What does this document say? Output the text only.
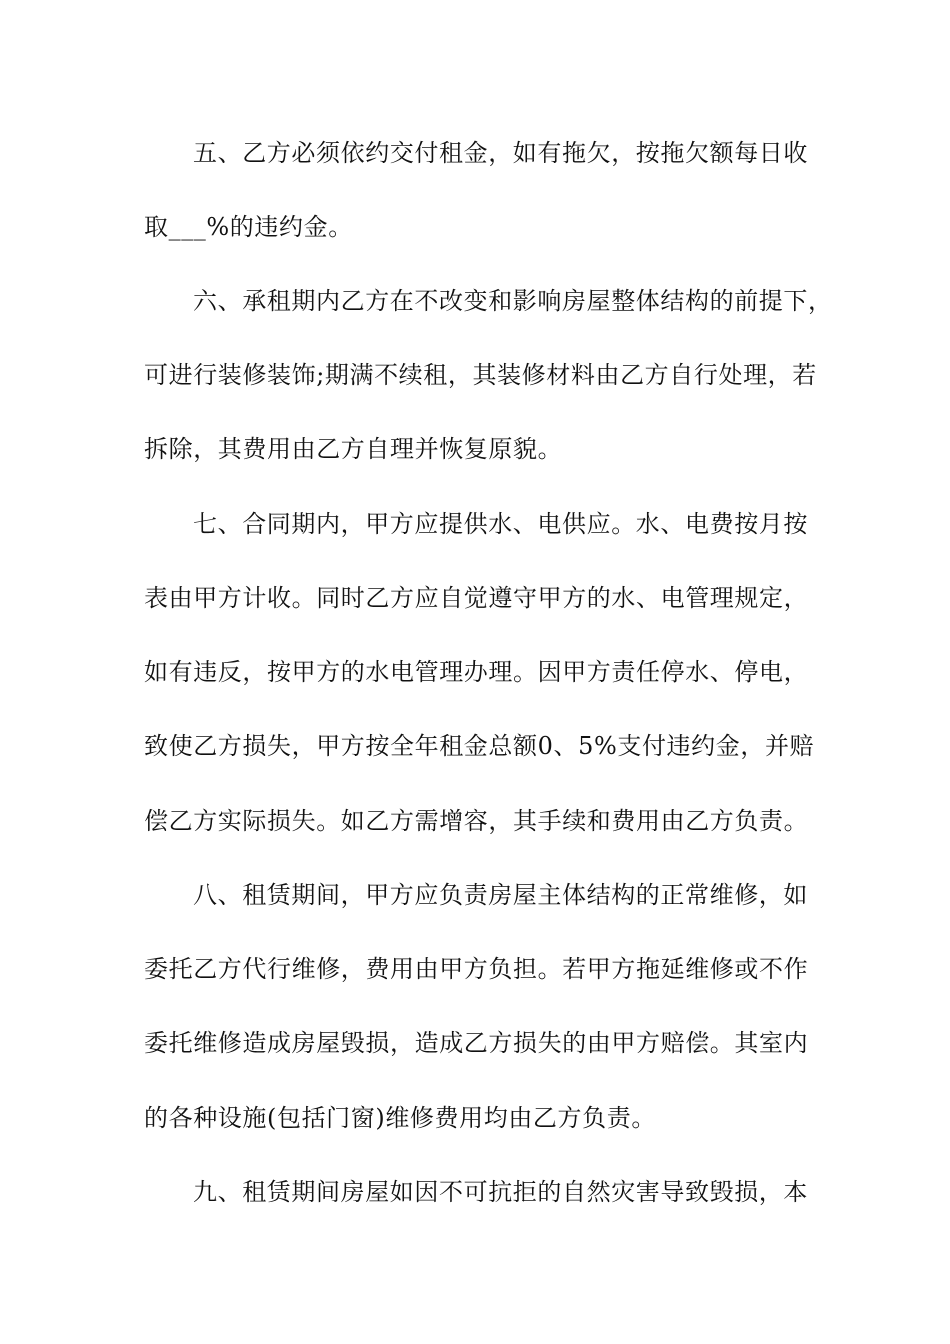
五、乙方必须依约交付租金，如有拖欠，按拖欠额每日收
取___%的违约金。
六、承租期内乙方在不改变和影响房屋整体结构的前提下，
可进行装修装饰;期满不续租，其装修材料由乙方自行处理，若
拆除，其费用由乙方自理并恢复原貌。
七、合同期内，甲方应提供水、电供应。水、电费按月按
表由甲方计收。同时乙方应自觉遵守甲方的水、电管理规定，
如有违反，按甲方的水电管理办理。因甲方责任停水、停电，
致使乙方损失，甲方按全年租金总额0、5%支付违约金，并赔
偿乙方实际损失。如乙方需增容，其手续和费用由乙方负责。
八、租赁期间，甲方应负责房屋主体结构的正常维修，如
委托乙方代行维修，费用由甲方负担。若甲方拖延维修或不作
委托维修造成房屋毁损，造成乙方损失的由甲方赔偿。其室内
的各种设施(包括门窗)维修费用均由乙方负责。
九、租赁期间房屋如因不可抗拒的自然灾害导致毁损，本
